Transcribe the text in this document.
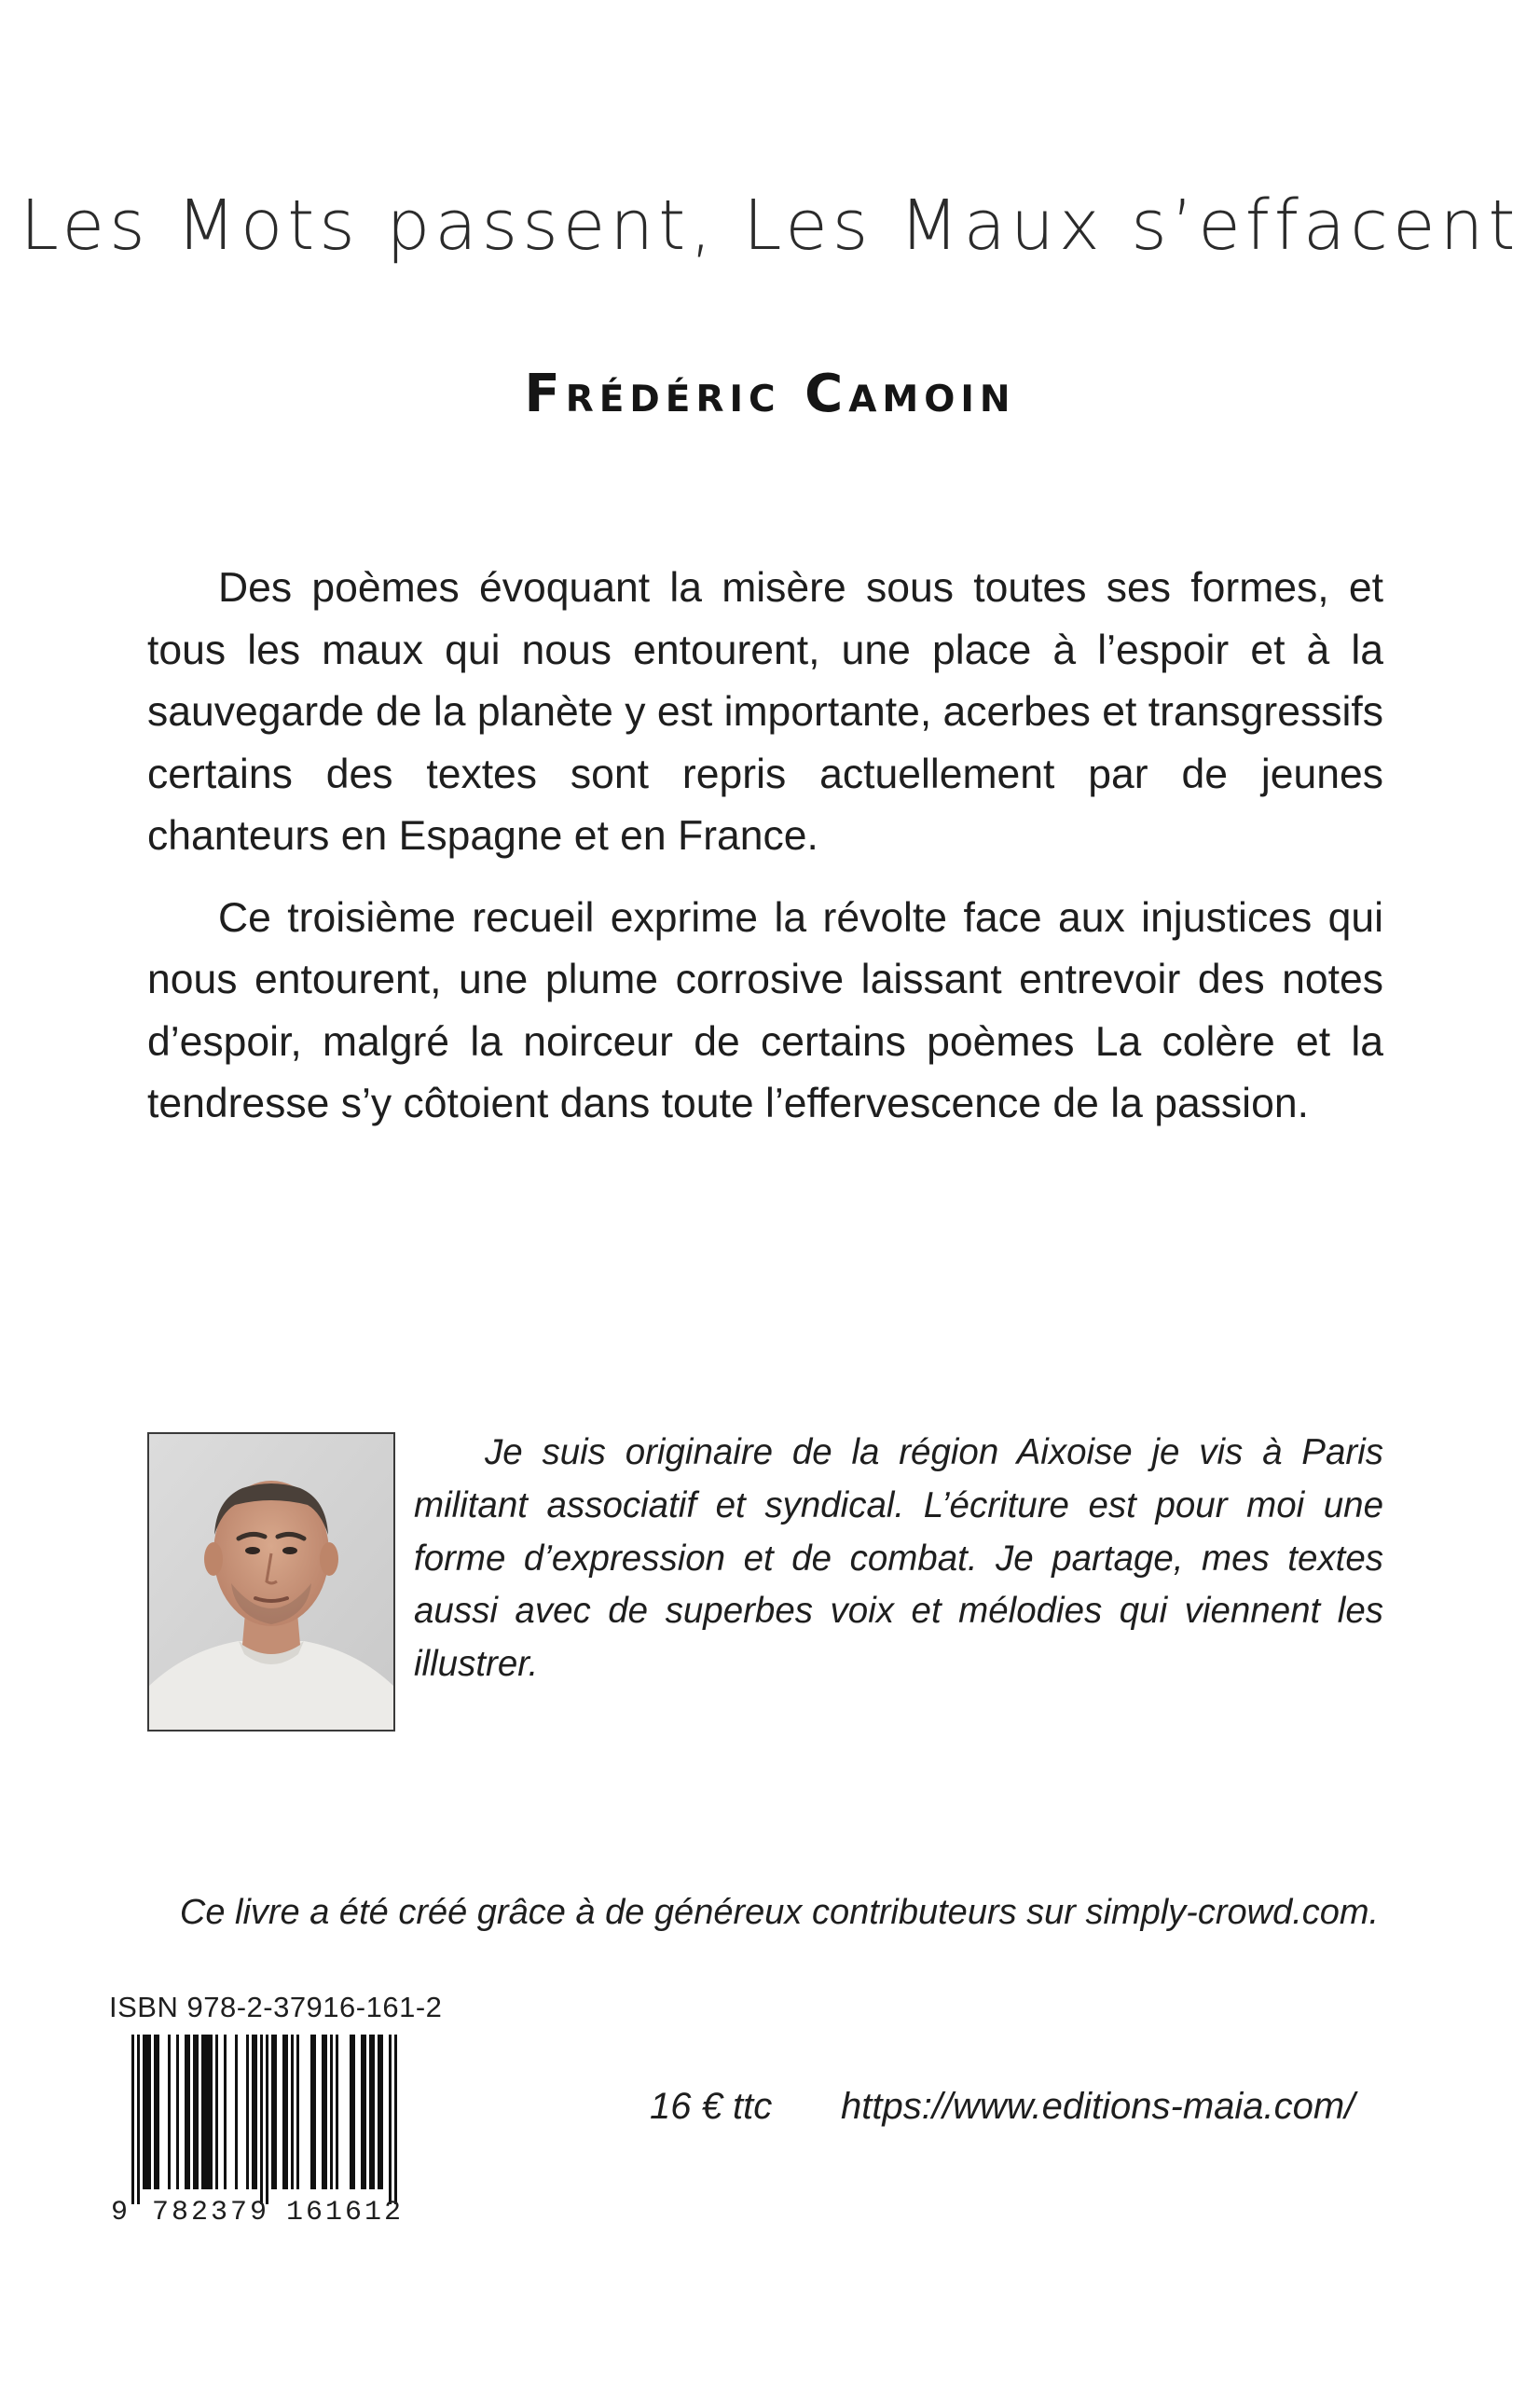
Les Mots passent, Les Maux s’effacent
Frédéric Camoin

Des poèmes évoquant la misère sous toutes ses formes, et tous les maux qui nous entourent, une place à l’espoir et à la sauvegarde de la planète y est importante, acerbes et transgressifs certains des textes sont repris actuellement par de jeunes chanteurs en Espagne et en France.

Ce troisième recueil exprime la révolte face aux injustices qui nous entourent, une plume corrosive laissant entrevoir des notes d’espoir, malgré la noirceur de certains poèmes La colère et la tendresse s’y côtoient dans toute l’effervescence de la passion.

Je suis originaire de la région Aixoise je vis à Paris militant associatif et syndical. L’écriture est pour moi une forme d’expression et de combat. Je partage, mes textes aussi avec de superbes voix et mélodies qui viennent les illustrer.

Ce livre a été créé grâce à de généreux contributeurs sur simply-crowd.com.
ISBN 978-2-37916-161-2
9 782379 161612
16 € ttc https://www.editions-maia.com/
